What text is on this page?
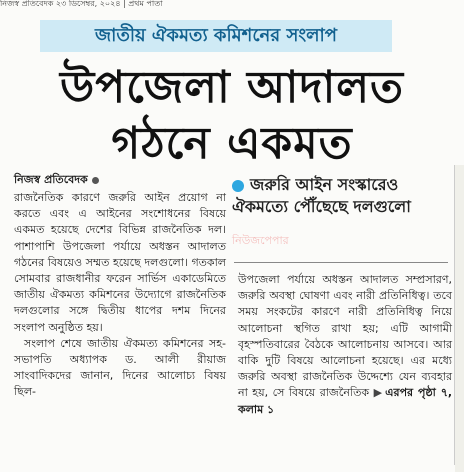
নিজস্ব প্রতিবেদক ২৩ ডিসেম্বর, ২০২৪ | প্রথম পাতা
জাতীয় ঐকমত্য কমিশনের সংলাপ
উপজেলা আদালত
গঠনে একমত
নিজস্ব প্রতিবেদক

রাজনৈতিক কারণে জরুরি আইন প্রয়োগ না করতে এবং এ আইনের সংশোধনের বিষয়ে একমত হয়েছে দেশের বিভিন্ন রাজনৈতিক দল। পাশাপাশি উপজেলা পর্যায়ে অধস্তন আদালত গঠনের বিষয়েও সম্মত হয়েছে দলগুলো। গতকাল সোমবার রাজধানীর ফরেন সার্ভিস একাডেমিতে জাতীয় ঐকমত্য কমিশনের উদ্যোগে রাজনৈতিক দলগুলোর সঙ্গে দ্বিতীয় ধাপের দশম দিনের সংলাপ অনুষ্ঠিত হয়।

সংলাপ শেষে জাতীয় ঐকমত্য কমিশনের সহ-সভাপতি অধ্যাপক ড. আলী রীয়াজ সাংবাদিকদের জানান, দিনের আলোচ্য বিষয় ছিল-

জরুরি আইন সংস্কারেও ঐকমত্যে পৌঁছেছে দলগুলো
নিউজপেপার

উপজেলা পর্যায়ে অধস্তন আদালত সম্প্রসারণ, জরুরি অবস্থা ঘোষণা এবং নারী প্রতিনিধিত্ব। তবে সময় সংকটের কারণে নারী প্রতিনিধিত্ব নিয়ে আলোচনা স্থগিত রাখা হয়; এটি আগামী বৃহস্পতিবারের বৈঠকে আলোচনায় আসবে। আর বাকি দুটি বিষয়ে আলোচনা হয়েছে। এর মধ্যে জরুরি অবস্থা রাজনৈতিক উদ্দেশ্যে যেন ব্যবহার না হয়, সে বিষয়ে রাজনৈতিক ▶ এরপর পৃষ্ঠা ৭, কলাম ১
